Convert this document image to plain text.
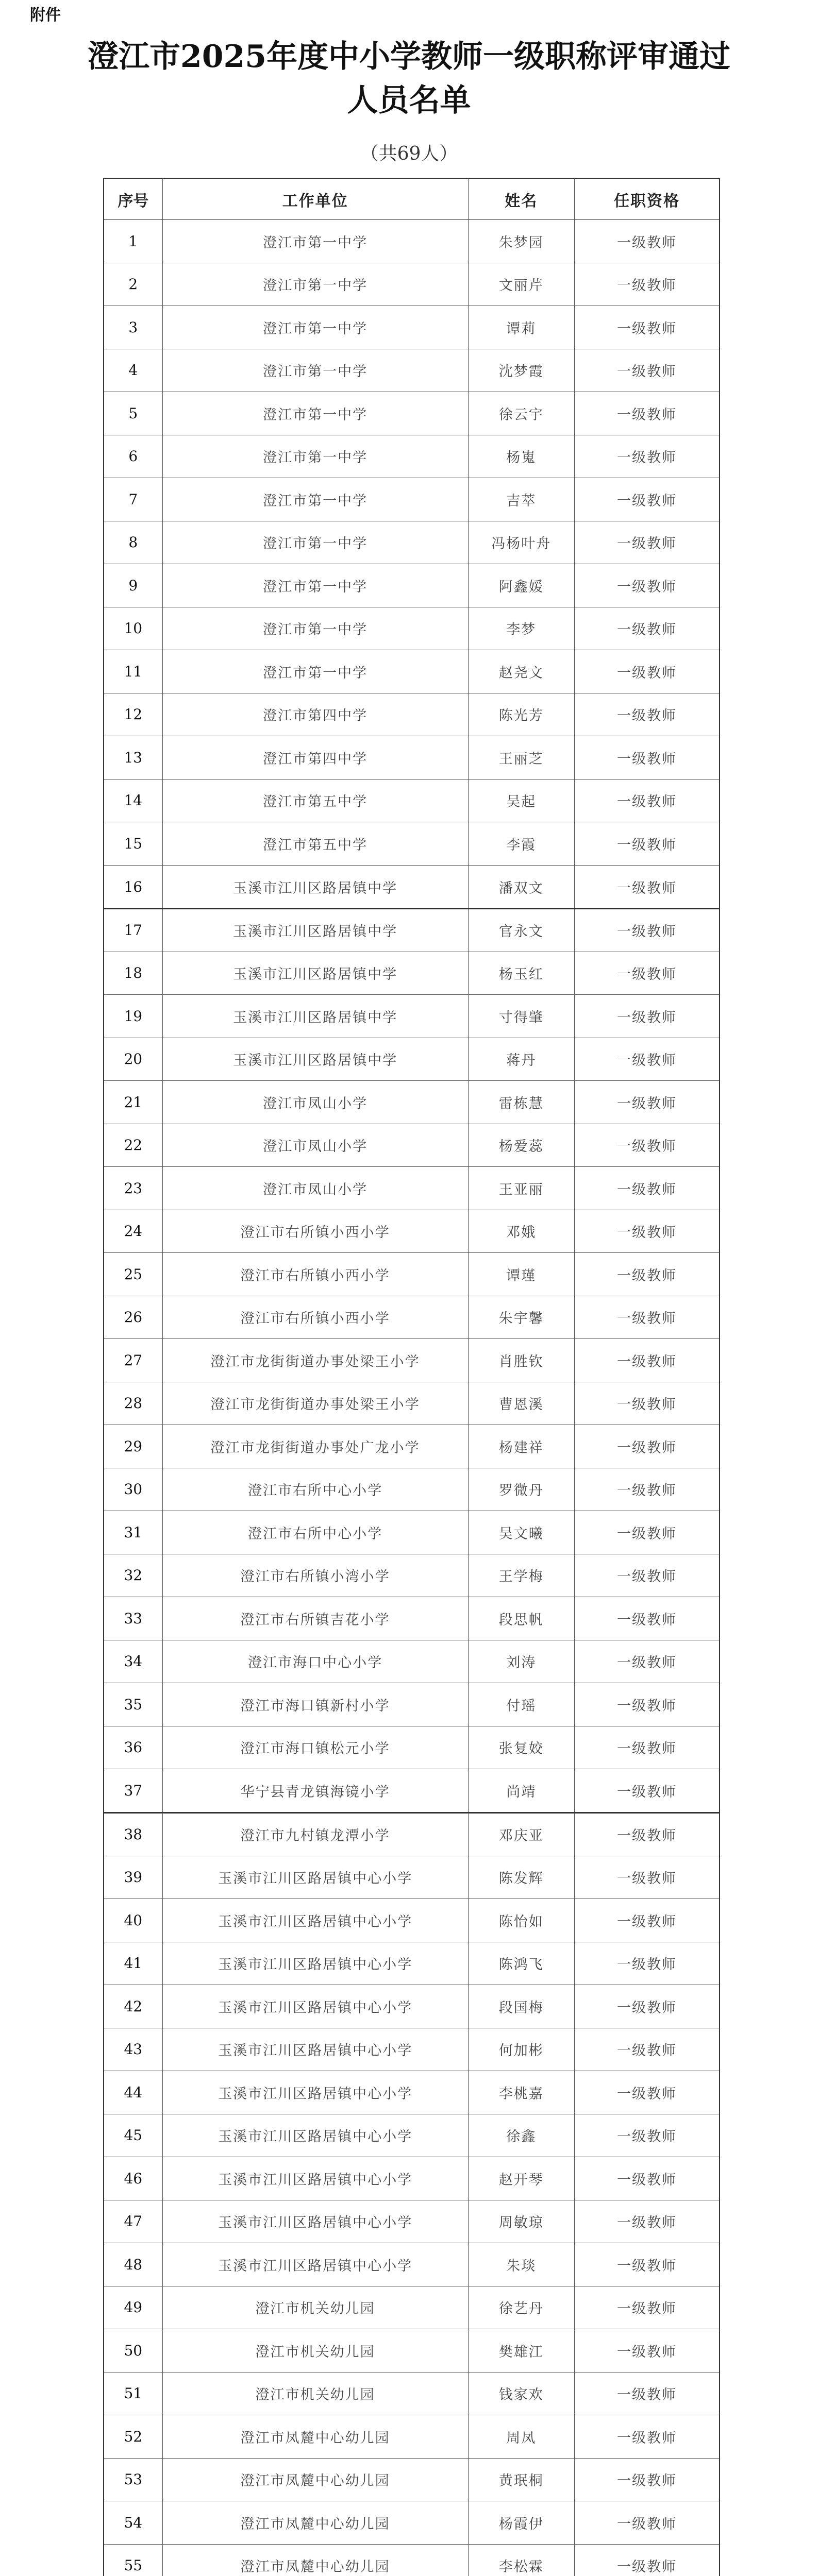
附件
澄江市2025年度中小学教师一级职称评审通过
人员名单
（共69人）
序号	工作单位	姓名	任职资格
1	澄江市第一中学	朱梦园	一级教师
2	澄江市第一中学	文丽芹	一级教师
3	澄江市第一中学	谭莉	一级教师
4	澄江市第一中学	沈梦霞	一级教师
5	澄江市第一中学	徐云宇	一级教师
6	澄江市第一中学	杨嵬	一级教师
7	澄江市第一中学	吉萃	一级教师
8	澄江市第一中学	冯杨叶舟	一级教师
9	澄江市第一中学	阿鑫媛	一级教师
10	澄江市第一中学	李梦	一级教师
11	澄江市第一中学	赵尧文	一级教师
12	澄江市第四中学	陈光芳	一级教师
13	澄江市第四中学	王丽芝	一级教师
14	澄江市第五中学	吴起	一级教师
15	澄江市第五中学	李霞	一级教师
16	玉溪市江川区路居镇中学	潘双文	一级教师
17	玉溪市江川区路居镇中学	官永文	一级教师
18	玉溪市江川区路居镇中学	杨玉红	一级教师
19	玉溪市江川区路居镇中学	寸得肇	一级教师
20	玉溪市江川区路居镇中学	蒋丹	一级教师
21	澄江市凤山小学	雷栋慧	一级教师
22	澄江市凤山小学	杨爱蕊	一级教师
23	澄江市凤山小学	王亚丽	一级教师
24	澄江市右所镇小西小学	邓娥	一级教师
25	澄江市右所镇小西小学	谭瑾	一级教师
26	澄江市右所镇小西小学	朱宇馨	一级教师
27	澄江市龙街街道办事处梁王小学	肖胜钦	一级教师
28	澄江市龙街街道办事处梁王小学	曹恩溪	一级教师
29	澄江市龙街街道办事处广龙小学	杨建祥	一级教师
30	澄江市右所中心小学	罗微丹	一级教师
31	澄江市右所中心小学	吴文曦	一级教师
32	澄江市右所镇小湾小学	王学梅	一级教师
33	澄江市右所镇吉花小学	段思帆	一级教师
34	澄江市海口中心小学	刘涛	一级教师
35	澄江市海口镇新村小学	付瑶	一级教师
36	澄江市海口镇松元小学	张复姣	一级教师
37	华宁县青龙镇海镜小学	尚靖	一级教师
38	澄江市九村镇龙潭小学	邓庆亚	一级教师
39	玉溪市江川区路居镇中心小学	陈发辉	一级教师
40	玉溪市江川区路居镇中心小学	陈怡如	一级教师
41	玉溪市江川区路居镇中心小学	陈鸿飞	一级教师
42	玉溪市江川区路居镇中心小学	段国梅	一级教师
43	玉溪市江川区路居镇中心小学	何加彬	一级教师
44	玉溪市江川区路居镇中心小学	李桃嘉	一级教师
45	玉溪市江川区路居镇中心小学	徐鑫	一级教师
46	玉溪市江川区路居镇中心小学	赵开琴	一级教师
47	玉溪市江川区路居镇中心小学	周敏琼	一级教师
48	玉溪市江川区路居镇中心小学	朱琰	一级教师
49	澄江市机关幼儿园	徐艺丹	一级教师
50	澄江市机关幼儿园	樊雄江	一级教师
51	澄江市机关幼儿园	钱家欢	一级教师
52	澄江市凤麓中心幼儿园	周凤	一级教师
53	澄江市凤麓中心幼儿园	黄珉桐	一级教师
54	澄江市凤麓中心幼儿园	杨霞伊	一级教师
55	澄江市凤麓中心幼儿园	李松霖	一级教师
